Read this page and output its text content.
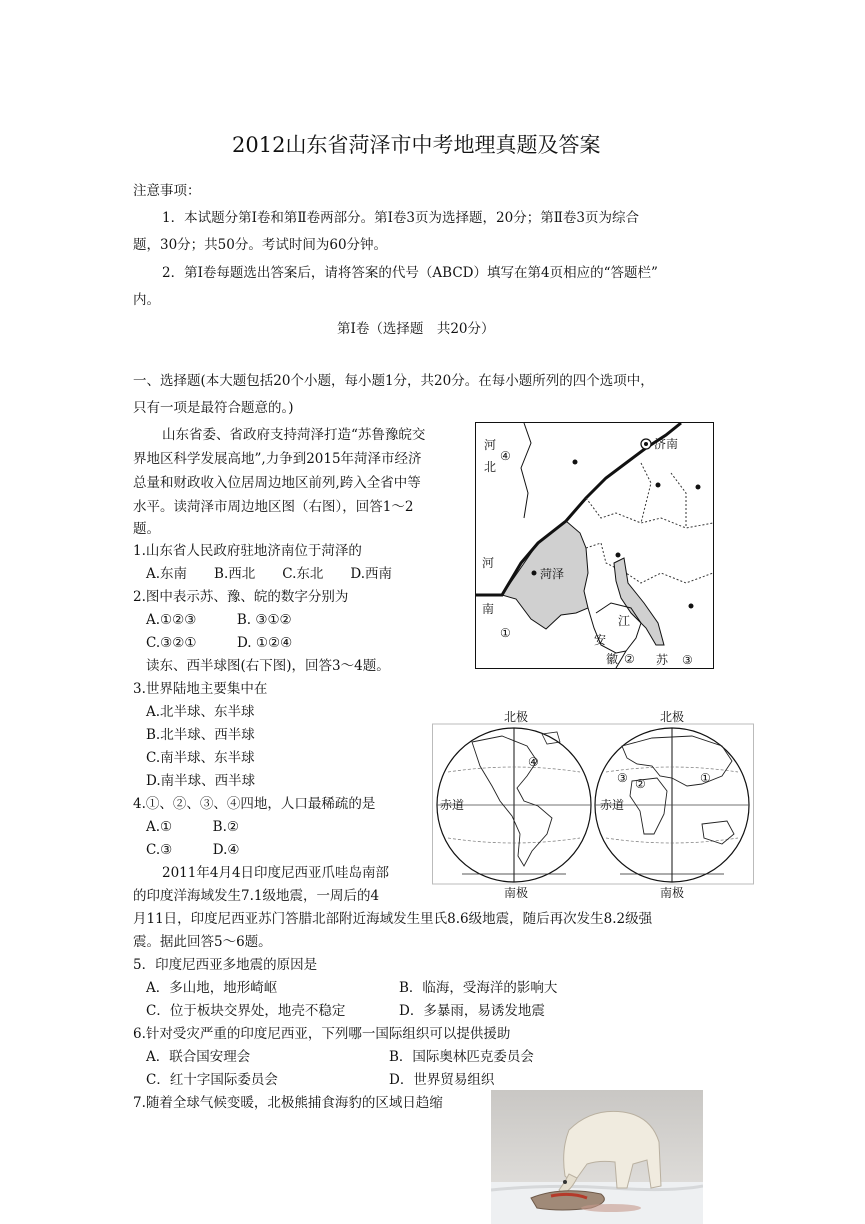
2012山东省菏泽市中考地理真题及答案
注意事项：
1．本试题分第Ⅰ卷和第Ⅱ卷两部分。第Ⅰ卷3页为选择题，20分；第Ⅱ卷3页为综合
题，30分；共50分。考试时间为60分钟。
2．第Ⅰ卷每题选出答案后，请将答案的代号（ABCD）填写在第4页相应的“答题栏”
内。
第Ⅰ卷（选择题　共20分）
一、选择题(本大题包括20个小题，每小题1分，共20分。在每小题所列的四个选项中，
只有一项是最符合题意的。)
山东省委、省政府支持菏泽打造“苏鲁豫皖交
界地区科学发展高地”,力争到2015年菏泽市经济
总量和财政收入位居周边地区前列,跨入全省中等
水平。读菏泽市周边地区图（右图），回答1～2
题。
1.山东省人民政府驻地济南位于菏泽的
A.东南　　B.西北　　C.东北　　D.西南
2.图中表示苏、豫、皖的数字分别为
A.①②③　　　B. ③①②
C.③②①　　　D. ①②④
读东、西半球图(右下图)，回答3～4题。
3.世界陆地主要集中在
A.北半球、东半球
B.北半球、西半球
C.南半球、东半球
D.南半球、西半球
4.①、②、③、④四地，人口最稀疏的是
A.①　　　B.②
C.③　　　D.④
2011年4月4日印度尼西亚爪哇岛南部
的印度洋海域发生7.1级地震，一周后的4
月11日，印度尼西亚苏门答腊北部附近海域发生里氏8.6级地震，随后再次发生8.2级强
震。据此回答5～6题。
5．印度尼西亚多地震的原因是
A．多山地，地形崎岖	B．临海，受海洋的影响大
C．位于板块交界处，地壳不稳定	D．多暴雨，易诱发地震
6.针对受灾严重的印度尼西亚，下列哪一国际组织可以提供援助
A．联合国安理会	B．国际奥林匹克委员会
C．红十字国际委员会	D．世界贸易组织
7.随着全球气候变暖，北极熊捕食海豹的区域日趋缩
河
北
④
济南
菏泽
河
南
①
江
苏 ③
安
徽 ②
北极	北极
南极	南极
赤道	赤道
④
②
③	①
